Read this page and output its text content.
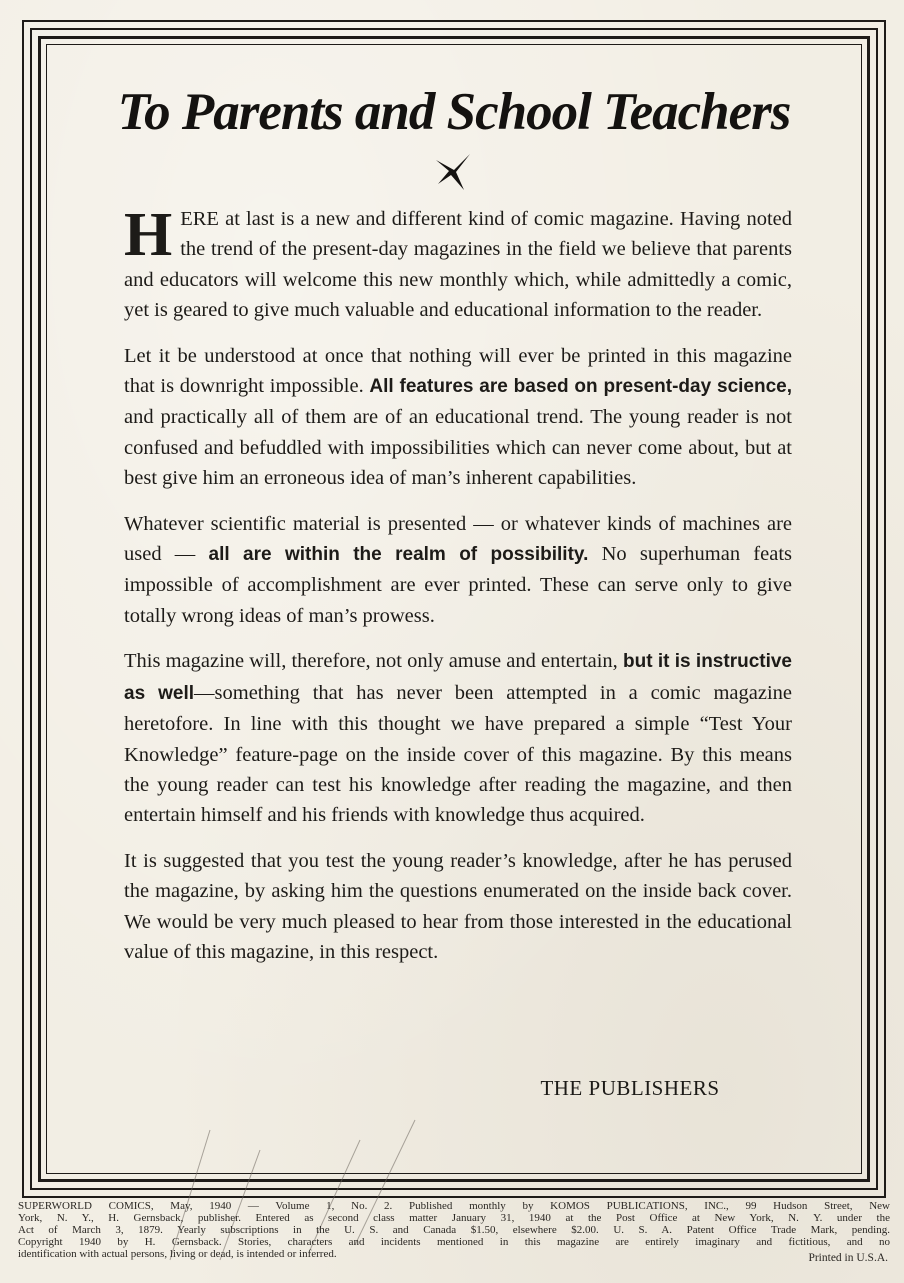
To Parents and School Teachers

HERE at last is a new and different kind of comic magazine. Having noted the trend of the present-day magazines in the field we believe that parents and educators will welcome this new monthly which, while admittedly a comic, yet is geared to give much valuable and educational information to the reader.

Let it be understood at once that nothing will ever be printed in this magazine that is downright impossible. All features are based on present-day science, and practically all of them are of an educational trend. The young reader is not confused and befuddled with impossibilities which can never come about, but at best give him an erroneous idea of man’s inherent capabilities.

Whatever scientific material is presented — or whatever kinds of machines are used — all are within the realm of possibility. No superhuman feats impossible of accomplishment are ever printed. These can serve only to give totally wrong ideas of man’s prowess.

This magazine will, therefore, not only amuse and entertain, but it is instructive as well—something that has never been attempted in a comic magazine heretofore. In line with this thought we have prepared a simple “Test Your Knowledge” feature-page on the inside cover of this magazine. By this means the young reader can test his knowledge after reading the magazine, and then entertain himself and his friends with knowledge thus acquired.

It is suggested that you test the young reader’s knowledge, after he has perused the magazine, by asking him the questions enumerated on the inside back cover. We would be very much pleased to hear from those interested in the educational value of this magazine, in this respect.

THE PUBLISHERS
SUPERWORLD COMICS, May, 1940 — Volume 1, No. 2. Published monthly by KOMOS PUBLICATIONS, INC., 99 Hudson Street, New
York, N. Y., H. Gernsback, publisher. Entered as second class matter January 31, 1940 at the Post Office at New York, N. Y. under the
Act of March 3, 1879. Yearly subscriptions in the U. S. and Canada $1.50, elsewhere $2.00. U. S. A. Patent Office Trade Mark, pending.
Copyright 1940 by H. Gernsback. Stories, characters and incidents mentioned in this magazine are entirely imaginary and fictitious, and no
identification with actual persons, living or dead, is intended or inferred.	Printed in U.S.A.
